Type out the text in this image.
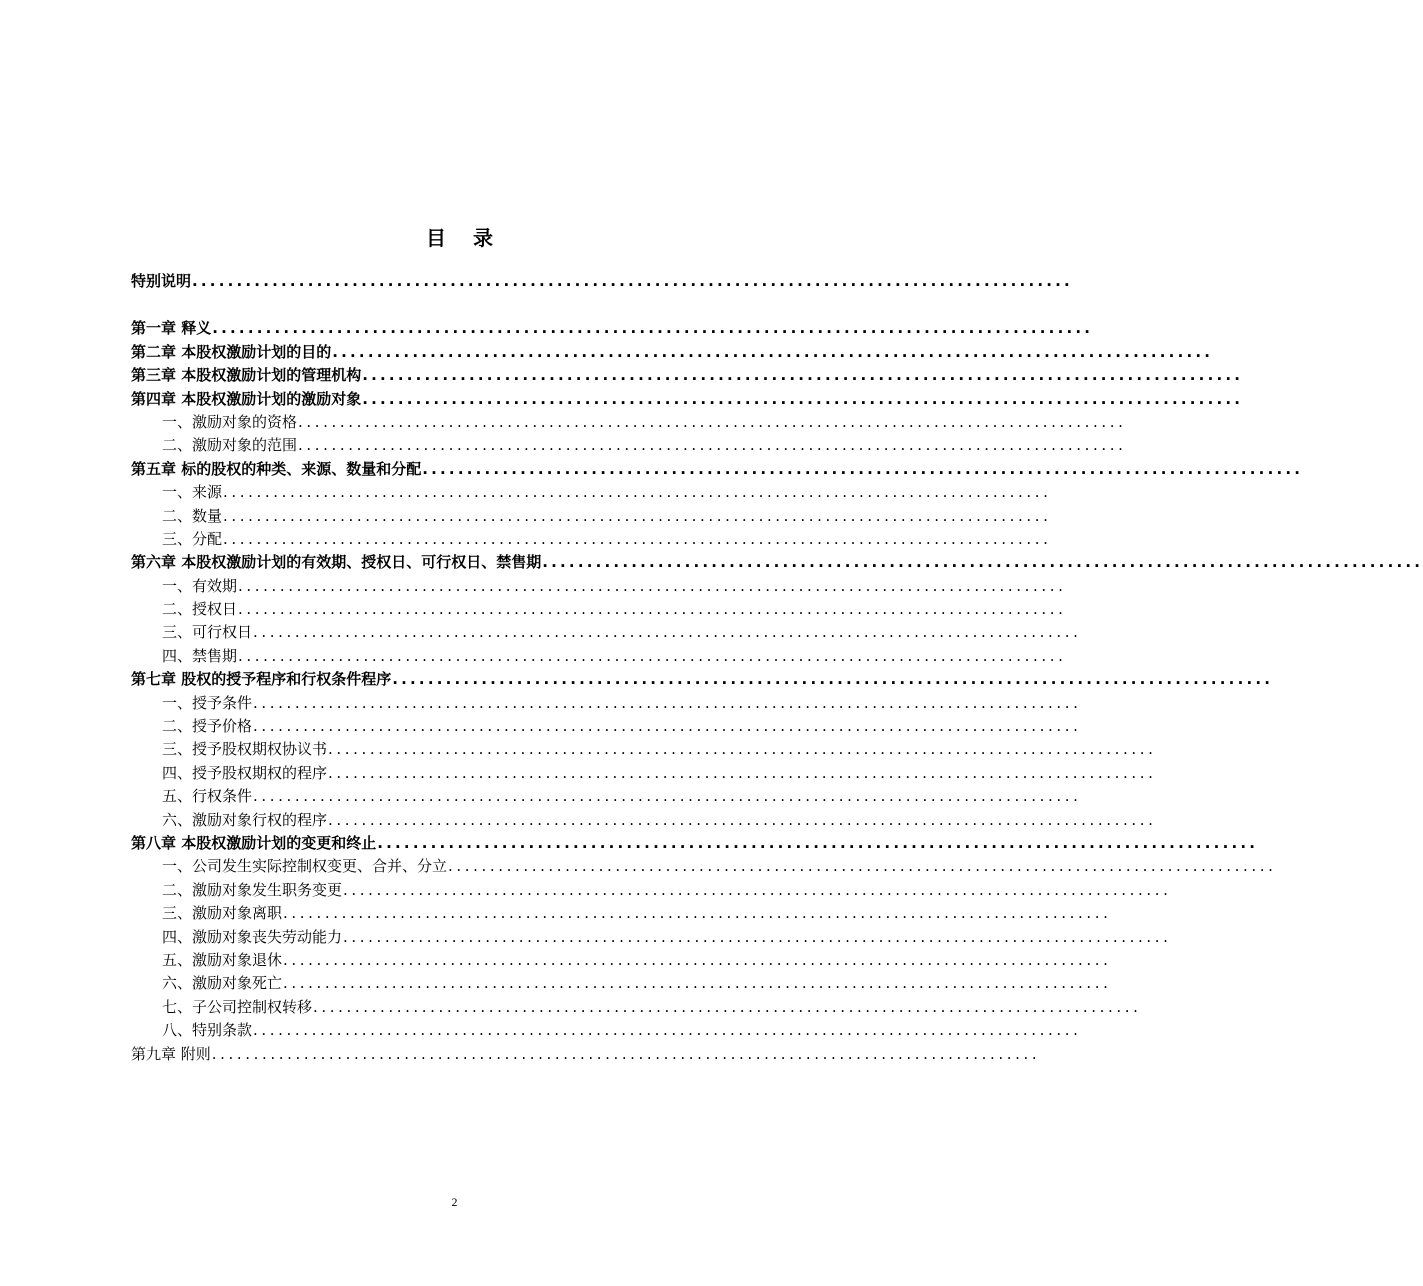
目 录
特别说明 ...................................................................................................
第一章 释义 ...................................................................................................
第二章 本股权激励计划的目的 ...................................................................................................
第三章 本股权激励计划的管理机构 ...................................................................................................
第四章 本股权激励计划的激励对象 ...................................................................................................
一、激励对象的资格 ...................................................................................................
二、激励对象的范围 ...................................................................................................
第五章 标的股权的种类、来源、数量和分配 ...................................................................................................
一、来源 ...................................................................................................
二、数量 ...................................................................................................
三、分配 ...................................................................................................
第六章 本股权激励计划的有效期、授权日、可行权日、禁售期 ...................................................................................................
一、有效期 ...................................................................................................
二、授权日 ...................................................................................................
三、可行权日 ...................................................................................................
四、禁售期 ...................................................................................................
第七章 股权的授予程序和行权条件程序 ...................................................................................................
一、授予条件 ...................................................................................................
二、授予价格 ...................................................................................................
三、授予股权期权协议书 ...................................................................................................
四、授予股权期权的程序 ...................................................................................................
五、行权条件 ...................................................................................................
六、激励对象行权的程序 ...................................................................................................
第八章 本股权激励计划的变更和终止 ...................................................................................................
一、公司发生实际控制权变更、合并、分立 ...................................................................................................
二、激励对象发生职务变更 ...................................................................................................
三、激励对象离职 ...................................................................................................
四、激励对象丧失劳动能力 ...................................................................................................
五、激励对象退休 ...................................................................................................
六、激励对象死亡 ...................................................................................................
七、子公司控制权转移 ...................................................................................................
八、特别条款 ...................................................................................................
第九章 附则 ...................................................................................................
2
